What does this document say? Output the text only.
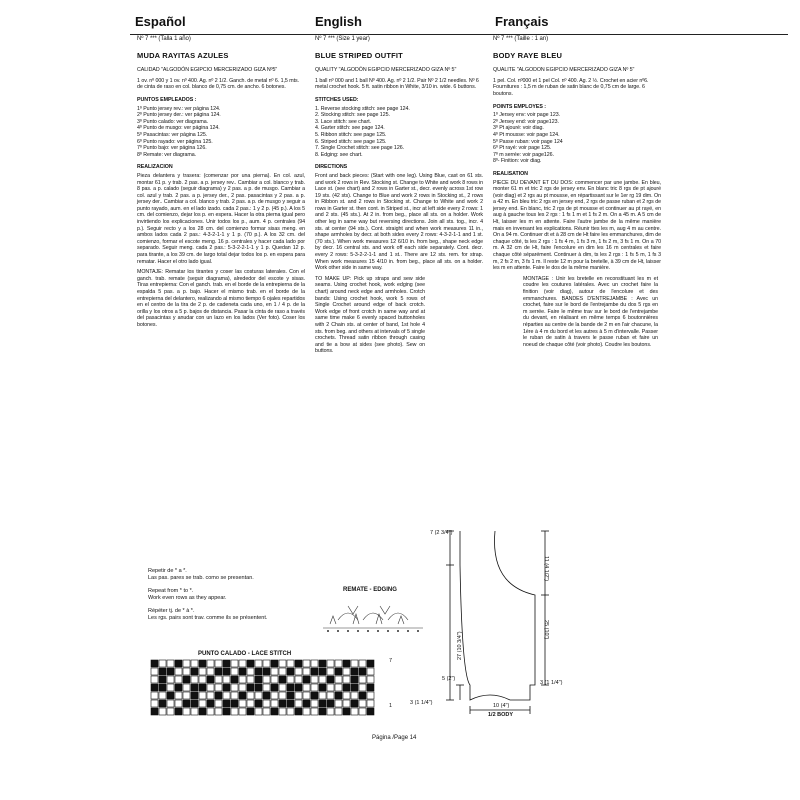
Español	English	Français
Nº 7 *** (Talla 1 año)
MUDA RAYITAS AZULES

CALIDAD "ALGODÓN EGIPCIO MERCERIZADO GIZA Nº5"

1 ov. nº 000 y 1 ov. nº 400. Ag. nº 2 1/2. Ganch. de metal nº 6. 1,5 mts. de cinta de raso en col. blanco de 0,75 cm. de ancho. 6 botones.

PUNTOS EMPLEADOS :
1º Punto jersey rev.: ver página 124.
2º Punto jersey der.: ver página 124.
3º Punto calado: ver diagrama.
4º Punto de musgo: ver página 124.
5º Pasacintas: ver página 125.
6º Punto rayado: ver página 125.
7º Punto bajo: ver página 126.
8º Remate: ver diagrama.
REALIZACION

Pieza delantera y trasera: (comenzar por una pierna). En col. azul, montar 61 p. y trab. 2 pas. a p. jersey rev.. Cambiar a col. blanco y trab. 8 pas. a p. calado (seguir diagrama) y 2 pas. a p. de musgo. Cambiar a col. azul y trab. 2 pas. a p. jersey der., 2 pas. pasacintas y 2 pas. a p. jersey der.. Cambiar a col. blanco y trab. 2 pas. a p. de musgo y seguir a punto rayado, aum. en el lado izado. cada 2 pas.: 1 y 2 p. (45 p.). A los 5 cm. del comienzo, dejar los p. en espera. Hacer la otra pierna igual pero invirtiendo los explicaciones. Unir todos los p., aum. 4 p. centrales (94 p.). Seguir recto y a los 28 cm. del comienzo formar sisas meng. en ambos lados cada 2 pas.: 4-3-2-1-1 y 1 p. (70 p.). A los 32 cm. del comienzo, formar el escote meng. 16 p. centrales y hacer cada lado por separado. Seguir meng. cada 2 pas.: 5-3-2-2-1-1 y 1 p. Quedan 12 p. para tirante, a los 39 cm. de largo total dejar todos los p. en espera para rematar. Hacer el otro lado igual.

MONTAJE: Rematar los tirantes y coser las costuras laterales. Con el ganch. trab. remate (seguir diagrama), alrededor del escote y sisas. Tiras entrepierna: Con el ganch. trab. en el borde de la entrepierna de la espalda 5 pas. a p. bajo. Hacer el mismo trab. en el borde de la entrepierna del delantero, realizando al mismo tiempo 6 ojales repartidos en el centro de la tira de 2 p. de cadeneta cada uno, en 1 / 4 p. de la orilla y los otros a 5 p. bajos de distancia. Pasar la cinta de raso a través del pasacintas y anudar con un lazo en los lados (Ver foto). Coser los botones.

Nº 7 *** (Size 1 year)
BLUE STRIPED OUTFIT

QUALITY "ALGODÓN EGIPCIO MERCERIZADO GIZA Nº 5"

1 ball nº 000 and 1 ball Nº 400. Ag. nº 2 1/2. Pair Nº 2 1/2 needles. Nº 6 metal crochet hook. 5 ft. satin ribbon in White, 3/10 in. wide. 6 buttons.

STITCHES USED:
1. Reverse stocking stitch: see page 124.
2. Stocking stitch: see page 125.
3. Lace stitch: see chart.
4. Garter stitch: see page 124.
5. Ribbon stitch: see page 125.
6. Striped stitch: see page 125.
7. Single Crochet stitch: see page 126.
8. Edging: see chart.
DIRECTIONS

Front and back pieces: (Start with one leg). Using Blue, cast on 61 sts. and work 2 rows in Rev. Stocking st. Change to White and work 8 rows in Lace st. (see chart) and 2 rows in Garter st., decr. evenly across 1st row 19 sts. (42 sts). Change to Blue and work 2 rows in Stocking st., 2 rows in Ribbon st. and 2 rows in Stocking st. Change to White and work 2 rows in Garter st. then cont. in Striped st., incr at left side every 2 rows: 1 and 2 sts. (45 sts.). At 2 in. from beg., place all sts. on a holder. Work other leg in same way but reversing directions. Join all sts. tog., incr. 4 sts. at center (94 sts.). Cont. straight and when work measures 11 in., shape armholes by decr. at both sides every 2 rows: 4-3-2-1-1 and 1 st. (70 sts.). When work measures 12 6/10 in. from beg., shape neck edge by decr. 16 central sts. and work off each side separately. Cont. decr. every 2 rows: 5-3-2-2-1-1 and 1 st.. There are 12 sts. rem. for strap. When work measures 15 4/10 in. from beg., place all sts. on a holder. Work other side in same way.

TO MAKE UP: Pick up straps and sew side seams. Using crochet hook, work edging (see chart) around neck edge and armholes. Crotch bands: Using crochet hook, work 5 rows of Single Crochet around edge of back crotch. Work edge of front crotch in same way and at same time make 6 evenly spaced buttonholes with 2 Chain sts. at center of band, 1st hole 4 sts. from beg. and others at intervals of 5 single crochets. Thread satin ribbon through casing and tie a bow at sides (see photo). Sew on buttons.

Nº 7 *** (Taille : 1 an)
BODY RAYE BLEU

QUALITE "ALGODON EGIPCIO MERCERIZADO GIZA Nº 5"

1 pel. Col. nº000 et 1 pel Col. nº 400. Ag. 2 ½. Crochet en acier nº6. Fournitures : 1,5 m de ruban de satin blanc de 0,75 cm de large. 6 boutons.

POINTS EMPLOYES :
1º Jersey env: voir page 123.
2º Jersey end: voir page123.
3º Pt ajouré: voir diag.
4º Pt mousse: voir page 124.
5º Passe ruban: voir page 124
6º Pt rayé: voir page 125.
7º m serrée: voir page126.
8º- Finition: voir diag.
REALISATION

PIECE DU DEVANT ET DU DOS: commencer par une jambe. En bleu, monter 61 m et tric 2 rgs de jersey env. En blanc tric 8 rgs de pt ajouré (voir diag) et 2 rgs au pt mousse, en répartissant sur le 1er rg 19 dim. On a 42 m. En bleu tric 2 rgs en jersey end, 2 rgs de passe ruban et 2 rgs de jersey end. En blanc, tric 2 rgs de pt mousse et continuer au pt rayé, en aug à gauche tous les 2 rgs : 1 fs 1 m et 1 fs 2 m. On a 45 m. A 5 cm de Ht, laisser les m en attente. Faire l'autre jambe de la même manière mais en inversant les explications. Réunir ttes les m, aug 4 m au centre. On a 94 m. Continuer dt et à 28 cm de Ht faire les emmanchures, dim de chaque côté, ts les 2 rgs : 1 fs 4 m, 1 fs 3 m, 1 fs 2 m, 3 fs 1 m. On a 70 m. A 32 cm de Ht, faire l'encolure en dim les 16 m centrales et faire chaque côté séparément. Continuer à dim, ts les 2 rgs : 1 fs 5 m, 1 fs 3 m, 2 fs 2 m, 3 fs 1 m. Il reste 12 m pour la bretelle, à 39 cm de Ht, laisser les m en attente. Faire le dos de la même manière.

MONTAGE : Unir les bretelle en reconstituant les m et coudre les coutures latérales. Avec un crochet faire la finition (voir diag), autour de l'encolure et des emmanchures. BANDES D'ENTREJAMBE : Avec un crochet, faire sur le bord de l'entrejambe du dos 5 rgs en m serrée. Faire le même trav sur le bord de l'entrejambe du devant, en réalisant en même temps 6 boutonnières réparties au centre de la bande de 2 m en l'air chacune, la 1ère à 4 m du bord et les autres à 5 m d'intervalle. Passer le ruban de satin à travers le passe ruban et faire un noeud de chaque côté (voir photo). Coudre les boutons.

Repetir de * a *.
Las pas. pares se trab. como se presentan.
Repeat from * to *.
Work even rows as they appear.
Répéter tj. de * à *.
Les rgs. pairs sont trav. comme ils se présentent.
REMATE - EDGING
PUNTO CALADO - LACE STITCH
7
1
7 (2 3/4")
11 (4 1/2")
27 (10 3/4")
25 (10")
5 (2")
3 (1 1/4")
3 (1 1/4")	10 (4")
1/2 BODY
Página /Page 14
